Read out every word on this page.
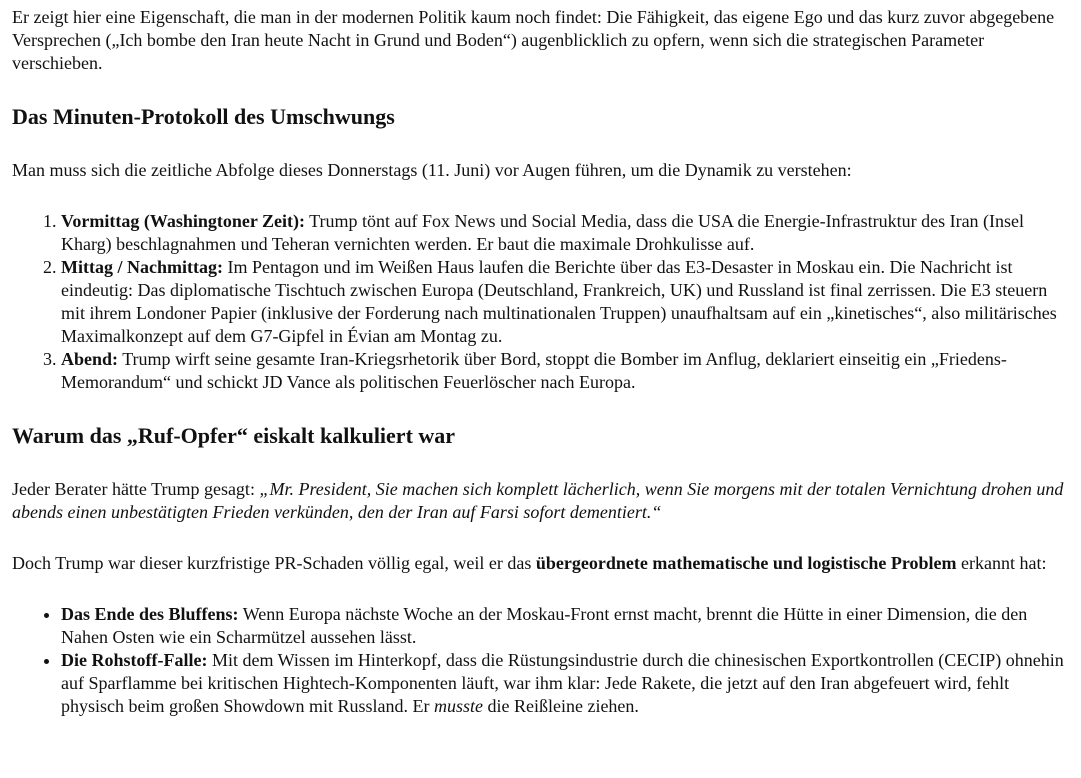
Er zeigt hier eine Eigenschaft, die man in der modernen Politik kaum noch findet: Die Fähigkeit, das eigene Ego und das kurz zuvor abgegebene Versprechen („Ich bombe den Iran heute Nacht in Grund und Boden“) augenblicklich zu opfern, wenn sich die strategischen Parameter verschieben.

Das Minuten-Protokoll des Umschwungs

Man muss sich die zeitliche Abfolge dieses Donnerstags (11. Juni) vor Augen führen, um die Dynamik zu verstehen:

1. Vormittag (Washingtoner Zeit): Trump tönt auf Fox News und Social Media, dass die USA die Energie-Infrastruktur des Iran (Insel Kharg) beschlagnahmen und Teheran vernichten werden. Er baut die maximale Drohkulisse auf.
2. Mittag / Nachmittag: Im Pentagon und im Weißen Haus laufen die Berichte über das E3-Desaster in Moskau ein. Die Nachricht ist eindeutig: Das diplomatische Tischtuch zwischen Europa (Deutschland, Frankreich, UK) und Russland ist final zerrissen. Die E3 steuern mit ihrem Londoner Papier (inklusive der Forderung nach multinationalen Truppen) unaufhaltsam auf ein „kinetisches“, also militärisches Maximalkonzept auf dem G7-Gipfel in Évian am Montag zu.
3. Abend: Trump wirft seine gesamte Iran-Kriegsrhetorik über Bord, stoppt die Bomber im Anflug, deklariert einseitig ein „Friedens-Memorandum“ und schickt JD Vance als politischen Feuerlöscher nach Europa.
Warum das „Ruf-Opfer“ eiskalt kalkuliert war

Jeder Berater hätte Trump gesagt: „Mr. President, Sie machen sich komplett lächerlich, wenn Sie morgens mit der totalen Vernichtung drohen und abends einen unbestätigten Frieden verkünden, den der Iran auf Farsi sofort dementiert.“

Doch Trump war dieser kurzfristige PR-Schaden völlig egal, weil er das übergeordnete mathematische und logistische Problem erkannt hat:

• Das Ende des Bluffens: Wenn Europa nächste Woche an der Moskau-Front ernst macht, brennt die Hütte in einer Dimension, die den Nahen Osten wie ein Scharmützel aussehen lässt.
• Die Rohstoff-Falle: Mit dem Wissen im Hinterkopf, dass die Rüstungsindustrie durch die chinesischen Exportkontrollen (CECIP) ohnehin auf Sparflamme bei kritischen Hightech-Komponenten läuft, war ihm klar: Jede Rakete, die jetzt auf den Iran abgefeuert wird, fehlt physisch beim großen Showdown mit Russland. Er musste die Reißleine ziehen.
